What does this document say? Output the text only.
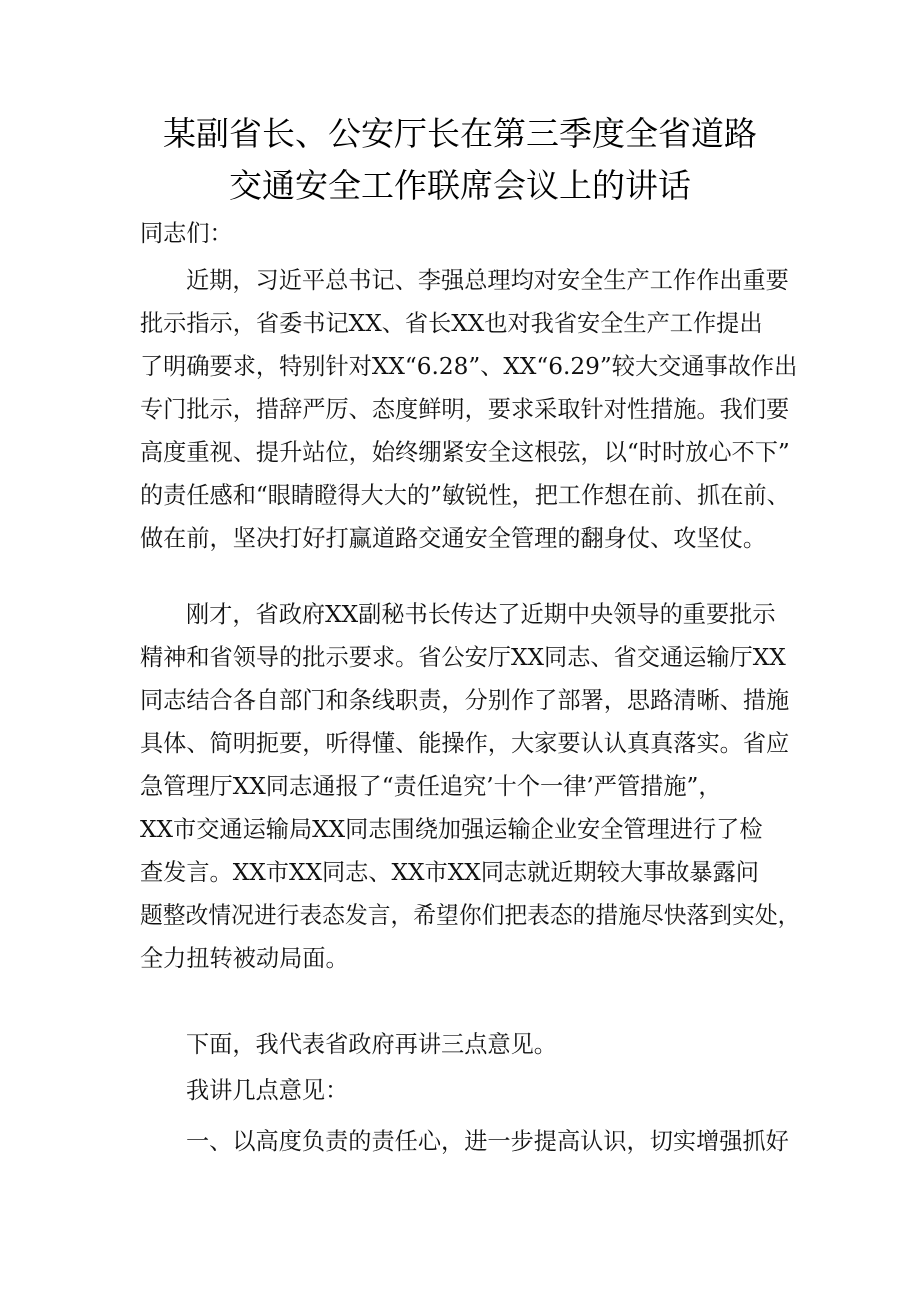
某副省长、公安厅长在第三季度全省道路
交通安全工作联席会议上的讲话
同志们：
近期，习近平总书记、李强总理均对安全生产工作作出重要
批示指示，省委书记XX、省长XX也对我省安全生产工作提出
了明确要求，特别针对XX“6.28”、XX“6.29”较大交通事故作出
专门批示，措辞严厉、态度鲜明，要求采取针对性措施。我们要
高度重视、提升站位，始终绷紧安全这根弦，以“时时放心不下”
的责任感和“眼睛瞪得大大的”敏锐性，把工作想在前、抓在前、
做在前，坚决打好打赢道路交通安全管理的翻身仗、攻坚仗。
刚才，省政府XX副秘书长传达了近期中央领导的重要批示
精神和省领导的批示要求。省公安厅XX同志、省交通运输厅XX
同志结合各自部门和条线职责，分别作了部署，思路清晰、措施
具体、简明扼要，听得懂、能操作，大家要认认真真落实。省应
急管理厅XX同志通报了“责任追究’十个一律’严管措施”，
XX市交通运输局XX同志围绕加强运输企业安全管理进行了检
查发言。XX市XX同志、XX市XX同志就近期较大事故暴露问
题整改情况进行表态发言，希望你们把表态的措施尽快落到实处，
全力扭转被动局面。
下面，我代表省政府再讲三点意见。
我讲几点意见：
一、以高度负责的责任心，进一步提高认识，切实增强抓好
